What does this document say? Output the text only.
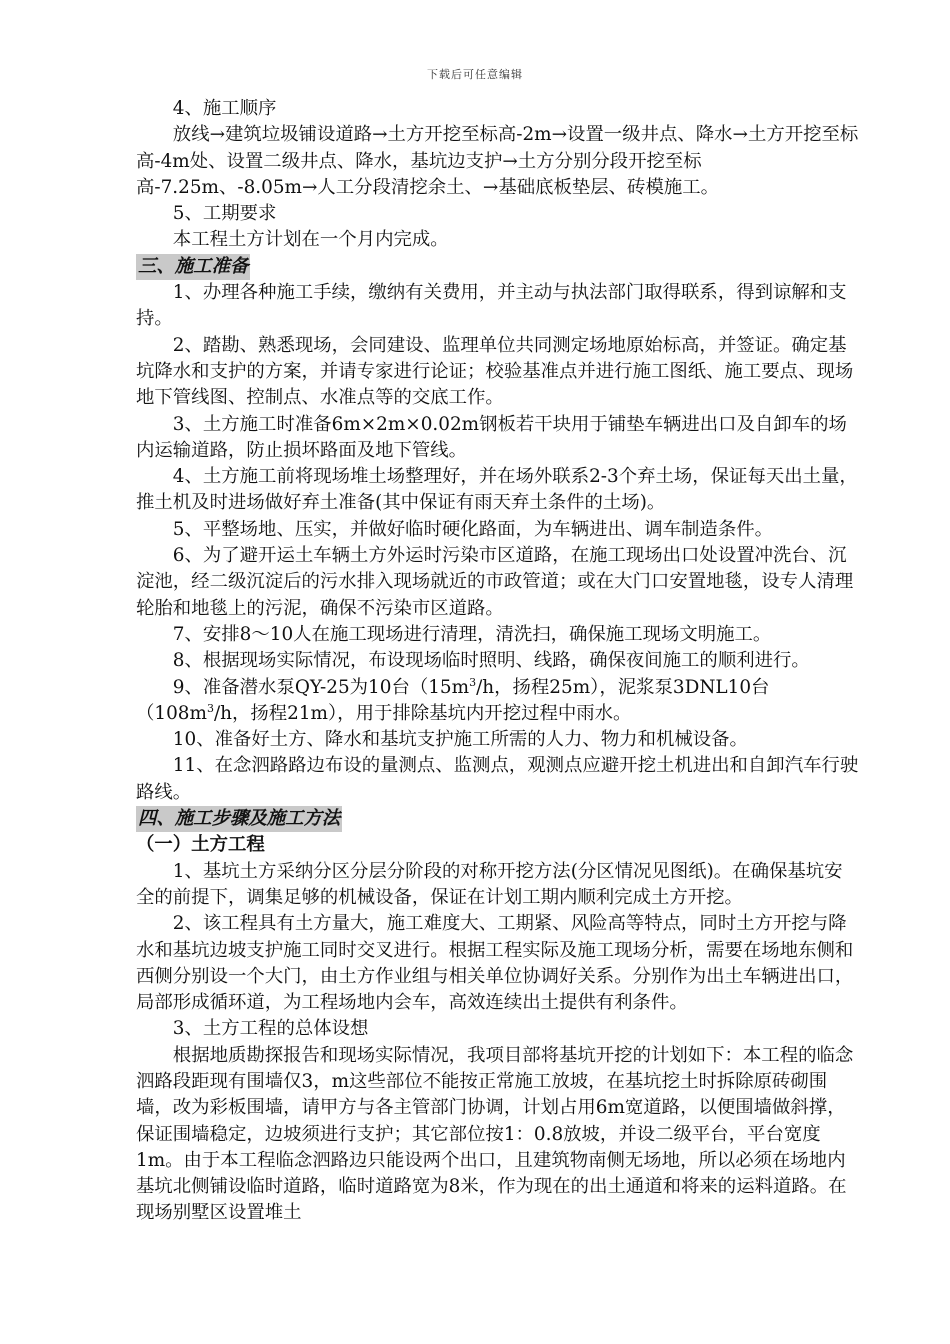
下载后可任意编辑

4、施工顺序

放线→建筑垃圾铺设道路→土方开挖至标高-2m→设置一级井点、降水→土方开挖至标高-4m处、设置二级井点、降水，基坑边支护→土方分别分段开挖至标高-7.25m、-8.05m→人工分段清挖余土、→基础底板垫层、砖模施工。

5、工期要求

本工程土方计划在一个月内完成。

三、施工准备

1、办理各种施工手续，缴纳有关费用，并主动与执法部门取得联系，得到谅解和支持。

2、踏勘、熟悉现场，会同建设、监理单位共同测定场地原始标高，并签证。确定基坑降水和支护的方案，并请专家进行论证；校验基准点并进行施工图纸、施工要点、现场地下管线图、控制点、水准点等的交底工作。

3、土方施工时准备6m×2m×0.02m钢板若干块用于铺垫车辆进出口及自卸车的场内运输道路，防止损坏路面及地下管线。

4、土方施工前将现场堆土场整理好，并在场外联系2-3个弃土场，保证每天出土量，推土机及时进场做好弃土准备(其中保证有雨天弃土条件的土场)。

5、平整场地、压实，并做好临时硬化路面，为车辆进出、调车制造条件。

6、为了避开运土车辆土方外运时污染市区道路，在施工现场出口处设置冲洗台、沉淀池，经二级沉淀后的污水排入现场就近的市政管道；或在大门口安置地毯，设专人清理轮胎和地毯上的污泥，确保不污染市区道路。

7、安排8～10人在施工现场进行清理，清洗扫，确保施工现场文明施工。

8、根据现场实际情况，布设现场临时照明、线路，确保夜间施工的顺利进行。

9、准备潜水泵QY-25为10台（$15m^3/h$，扬程25m），泥浆泵3DNL10台（$108m^3/h$，扬程21m），用于排除基坑内开挖过程中雨水。

10、准备好土方、降水和基坑支护施工所需的人力、物力和机械设备。

11、在念泗路路边布设的量测点、监测点，观测点应避开挖土机进出和自卸汽车行驶路线。

四、施工步骤及施工方法

（一）土方工程

1、基坑土方采纳分区分层分阶段的对称开挖方法(分区情况见图纸)。在确保基坑安全的前提下，调集足够的机械设备，保证在计划工期内顺利完成土方开挖。

2、该工程具有土方量大，施工难度大、工期紧、风险高等特点，同时土方开挖与降水和基坑边坡支护施工同时交叉进行。根据工程实际及施工现场分析，需要在场地东侧和西侧分别设一个大门，由土方作业组与相关单位协调好关系。分别作为出土车辆进出口，局部形成循环道，为工程场地内会车，高效连续出土提供有利条件。

3、土方工程的总体设想

根据地质勘探报告和现场实际情况，我项目部将基坑开挖的计划如下：本工程的临念泗路段距现有围墙仅3，m这些部位不能按正常施工放坡，在基坑挖土时拆除原砖砌围墙，改为彩板围墙，请甲方与各主管部门协调，计划占用6m宽道路，以便围墙做斜撑，保证围墙稳定，边坡须进行支护；其它部位按1：0.8放坡，并设二级平台，平台宽度1m。由于本工程临念泗路边只能设两个出口，且建筑物南侧无场地，所以必须在场地内基坑北侧铺设临时道路，临时道路宽为8米，作为现在的出土通道和将来的运料道路。在现场别墅区设置堆土
